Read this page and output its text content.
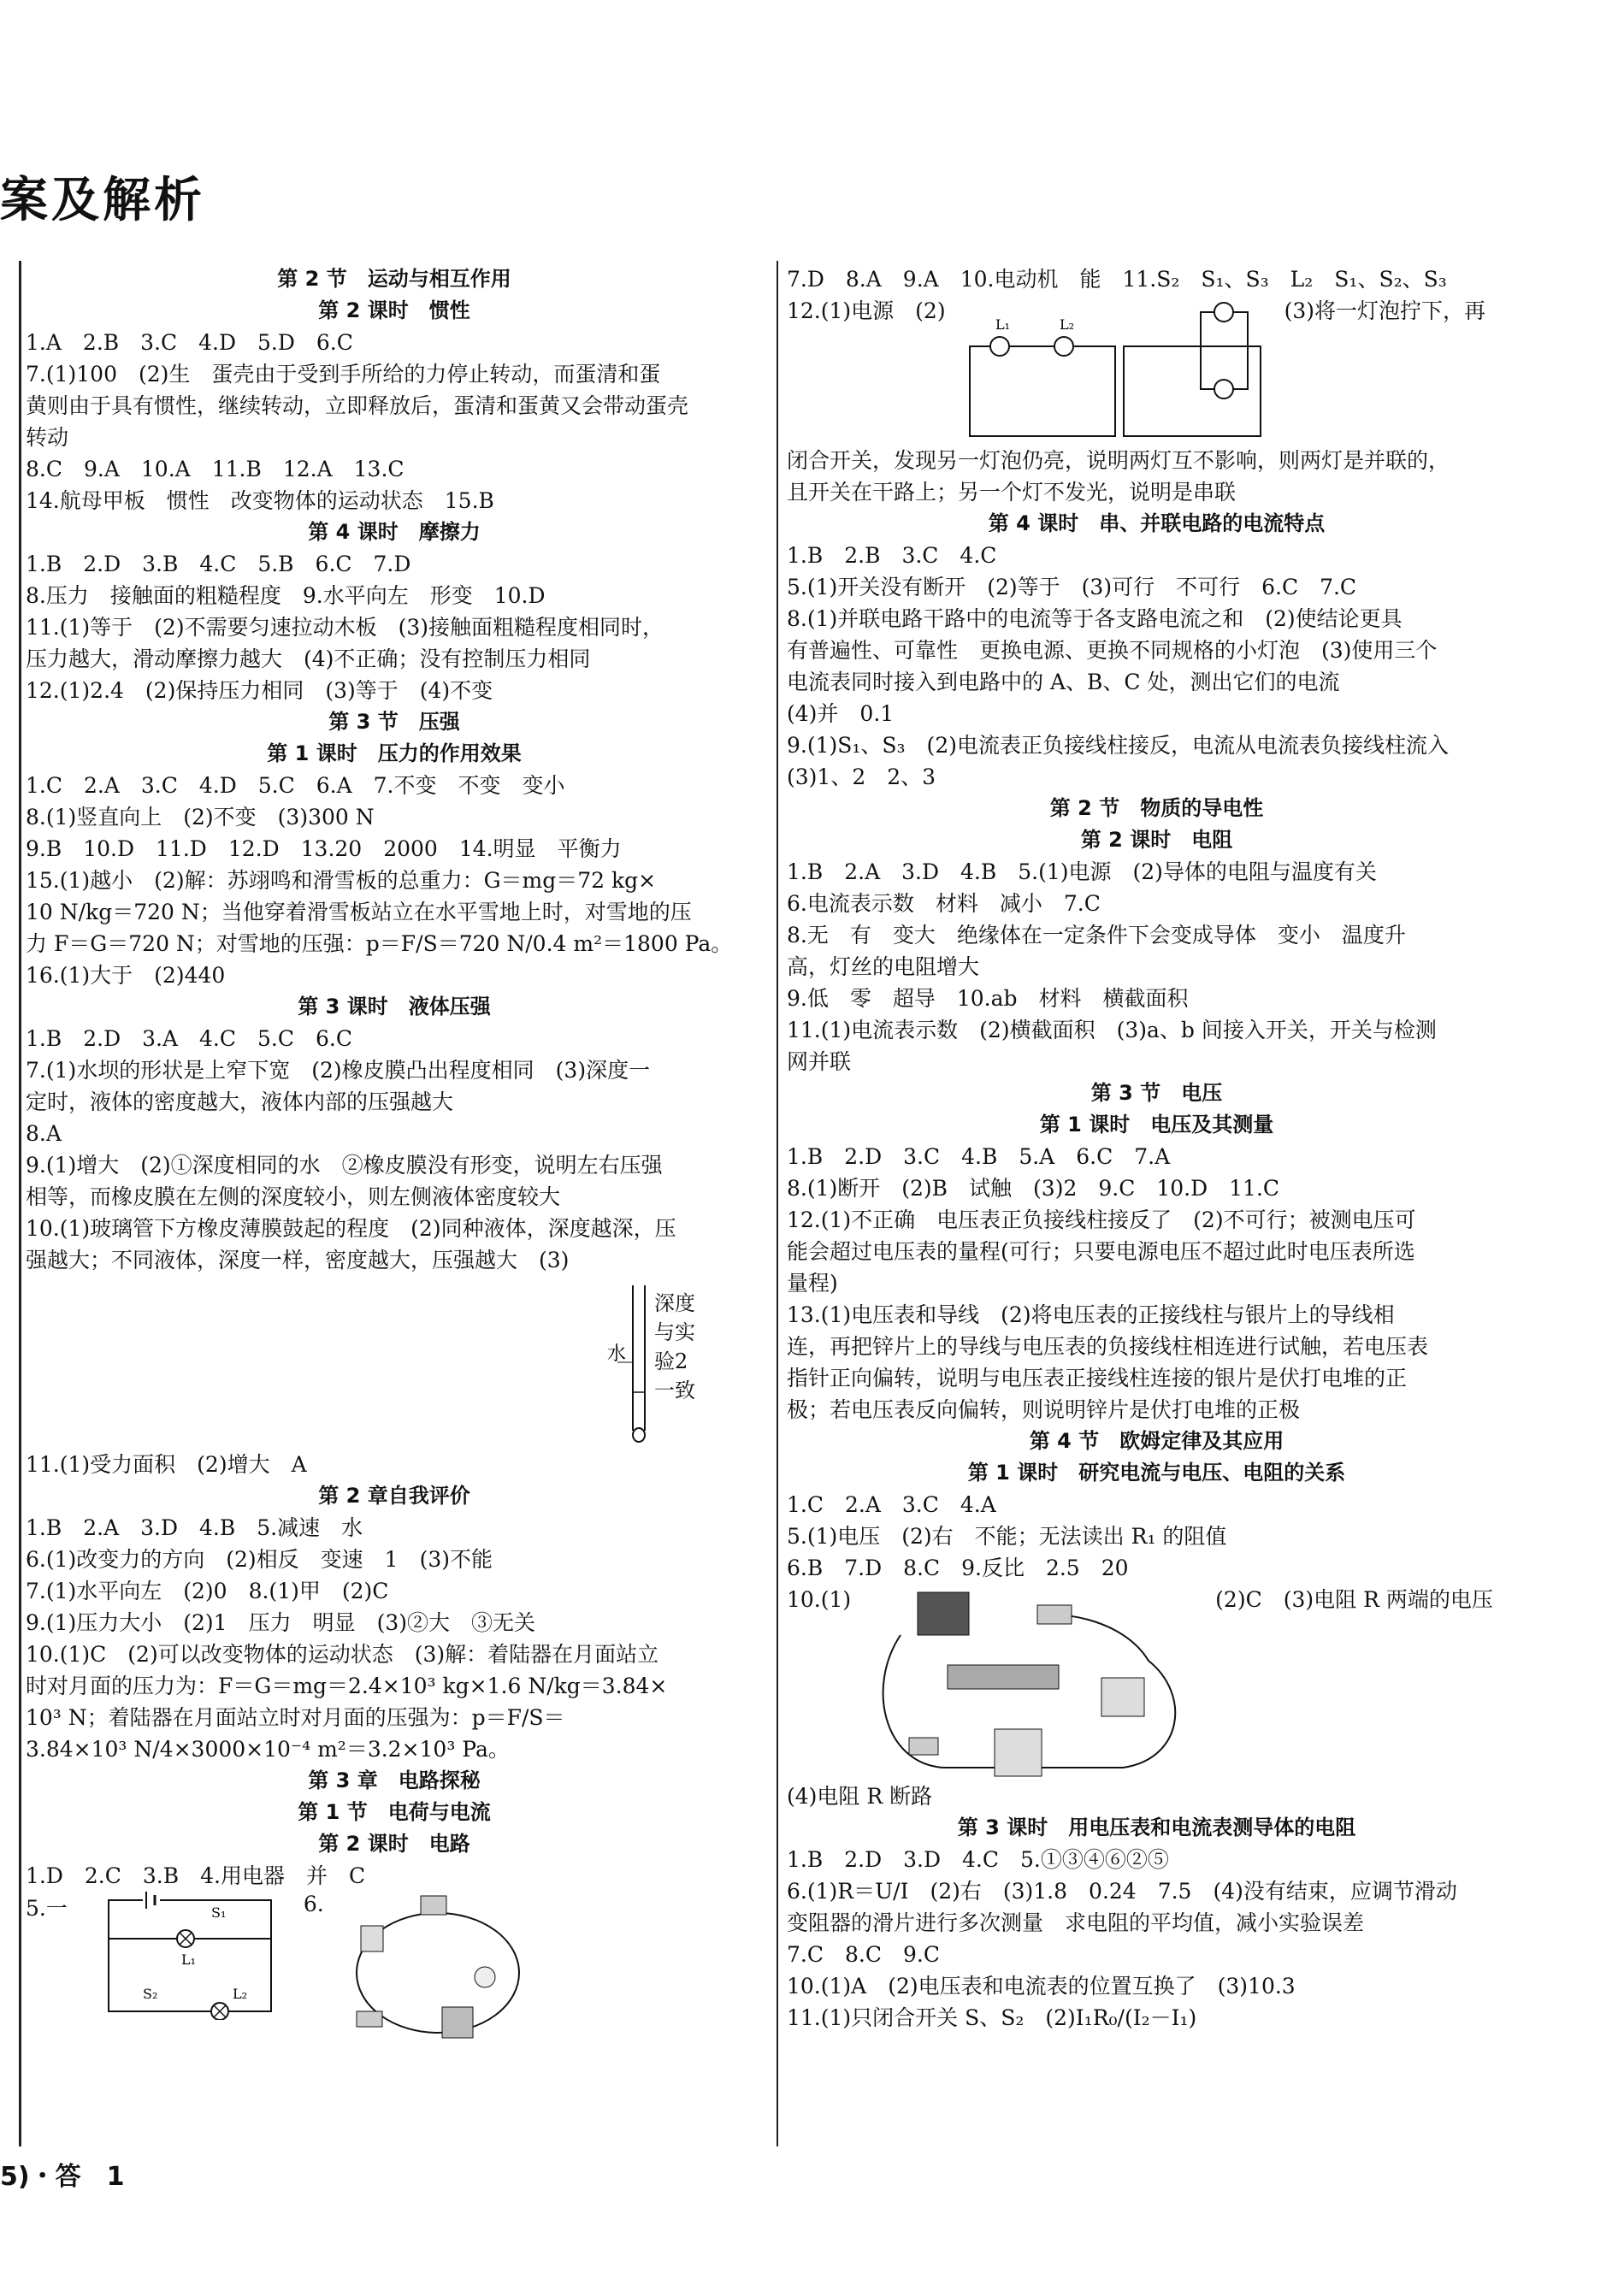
案及解析

第 2 节　运动与相互作用

第 2 课时　惯性

1.A　2.B　3.C　4.D　5.D　6.C

7.(1)100　(2)生　蛋壳由于受到手所给的力停止转动，而蛋清和蛋

黄则由于具有惯性，继续转动，立即释放后，蛋清和蛋黄又会带动蛋壳

转动

8.C　9.A　10.A　11.B　12.A　13.C

14.航母甲板　惯性　改变物体的运动状态　15.B

第 4 课时　摩擦力

1.B　2.D　3.B　4.C　5.B　6.C　7.D

8.压力　接触面的粗糙程度　9.水平向左　形变　10.D

11.(1)等于　(2)不需要匀速拉动木板　(3)接触面粗糙程度相同时，

压力越大，滑动摩擦力越大　(4)不正确；没有控制压力相同

12.(1)2.4　(2)保持压力相同　(3)等于　(4)不变

第 3 节　压强

第 1 课时　压力的作用效果

1.C　2.A　3.C　4.D　5.C　6.A　7.不变　不变　变小

8.(1)竖直向上　(2)不变　(3)300 N

9.B　10.D　11.D　12.D　13.20　2000　14.明显　平衡力

15.(1)越小　(2)解：苏翊鸣和滑雪板的总重力：G＝mg＝72 kg×

10 N/kg＝720 N；当他穿着滑雪板站立在水平雪地上时，对雪地的压

力 F＝G＝720 N；对雪地的压强：p＝F/S＝720 N/0.4 m²＝1800 Pa。

16.(1)大于　(2)440

第 3 课时　液体压强

1.B　2.D　3.A　4.C　5.C　6.C

7.(1)水坝的形状是上窄下宽　(2)橡皮膜凸出程度相同　(3)深度一

定时，液体的密度越大，液体内部的压强越大

8.A

9.(1)增大　(2)①深度相同的水　②橡皮膜没有形变，说明左右压强

相等，而橡皮膜在左侧的深度较小，则左侧液体密度较大

10.(1)玻璃管下方橡皮薄膜鼓起的程度　(2)同种液体，深度越深，压

强越大；不同液体，深度一样，密度越大，压强越大　(3)

水
深度与实验2一致

11.(1)受力面积　(2)增大　A

第 2 章自我评价

1.B　2.A　3.D　4.B　5.减速　水

6.(1)改变力的方向　(2)相反　变速　1　(3)不能

7.(1)水平向左　(2)0　8.(1)甲　(2)C

9.(1)压力大小　(2)1　压力　明显　(3)②大　③无关

10.(1)C　(2)可以改变物体的运动状态　(3)解：着陆器在月面站立

时对月面的压力为：F＝G＝mg＝2.4×10³ kg×1.6 N/kg＝3.84×

10³ N；着陆器在月面站立时对月面的压强为：p＝F/S＝

3.84×10³ N/4×3000×10⁻⁴ m²＝3.2×10³ Pa。

第 3 章　电路探秘

第 1 节　电荷与电流

第 2 课时　电路

1.D　2.C　3.B　4.用电器　并　C

5.一	S₁
S₂
L₁
L₂
6.

7.D　8.A　9.A　10.电动机　能　11.S₂　S₁、S₃　L₂　S₁、S₂、S₃

12.(1)电源　(2)
L₁	L₂
(3)将一灯泡拧下，再

闭合开关，发现另一灯泡仍亮，说明两灯互不影响，则两灯是并联的，

且开关在干路上；另一个灯不发光，说明是串联

第 4 课时　串、并联电路的电流特点

1.B　2.B　3.C　4.C

5.(1)开关没有断开　(2)等于　(3)可行　不可行　6.C　7.C

8.(1)并联电路干路中的电流等于各支路电流之和　(2)使结论更具

有普遍性、可靠性　更换电源、更换不同规格的小灯泡　(3)使用三个

电流表同时接入到电路中的 A、B、C 处，测出它们的电流

(4)并　0.1

9.(1)S₁、S₃　(2)电流表正负接线柱接反，电流从电流表负接线柱流入

(3)1、2　2、3

第 2 节　物质的导电性

第 2 课时　电阻

1.B　2.A　3.D　4.B　5.(1)电源　(2)导体的电阻与温度有关

6.电流表示数　材料　减小　7.C

8.无　有　变大　绝缘体在一定条件下会变成导体　变小　温度升

高，灯丝的电阻增大

9.低　零　超导　10.ab　材料　横截面积

11.(1)电流表示数　(2)横截面积　(3)a、b 间接入开关，开关与检测

网并联

第 3 节　电压

第 1 课时　电压及其测量

1.B　2.D　3.C　4.B　5.A　6.C　7.A

8.(1)断开　(2)B　试触　(3)2　9.C　10.D　11.C

12.(1)不正确　电压表正负接线柱接反了　(2)不可行；被测电压可

能会超过电压表的量程(可行；只要电源电压不超过此时电压表所选

量程)

13.(1)电压表和导线　(2)将电压表的正接线柱与银片上的导线相

连，再把锌片上的导线与电压表的负接线柱相连进行试触，若电压表

指针正向偏转，说明与电压表正接线柱连接的银片是伏打电堆的正

极；若电压表反向偏转，则说明锌片是伏打电堆的正极

第 4 节　欧姆定律及其应用

第 1 课时　研究电流与电压、电阻的关系

1.C　2.A　3.C　4.A

5.(1)电压　(2)右　不能；无法读出 R₁ 的阻值

6.B　7.D　8.C　9.反比　2.5　20

10.(1)	(2)C　(3)电阻 R 两端的电压

(4)电阻 R 断路

第 3 课时　用电压表和电流表测导体的电阻

1.B　2.D　3.D　4.C　5.①③④⑥②⑤

6.(1)R＝U/I　(2)右　(3)1.8　0.24　7.5　(4)没有结束，应调节滑动

变阻器的滑片进行多次测量　求电阻的平均值，减小实验误差

7.C　8.C　9.C

10.(1)A　(2)电压表和电流表的位置互换了　(3)10.3

11.(1)只闭合开关 S、S₂　(2)I₁R₀/(I₂－I₁)

5)・答　1
